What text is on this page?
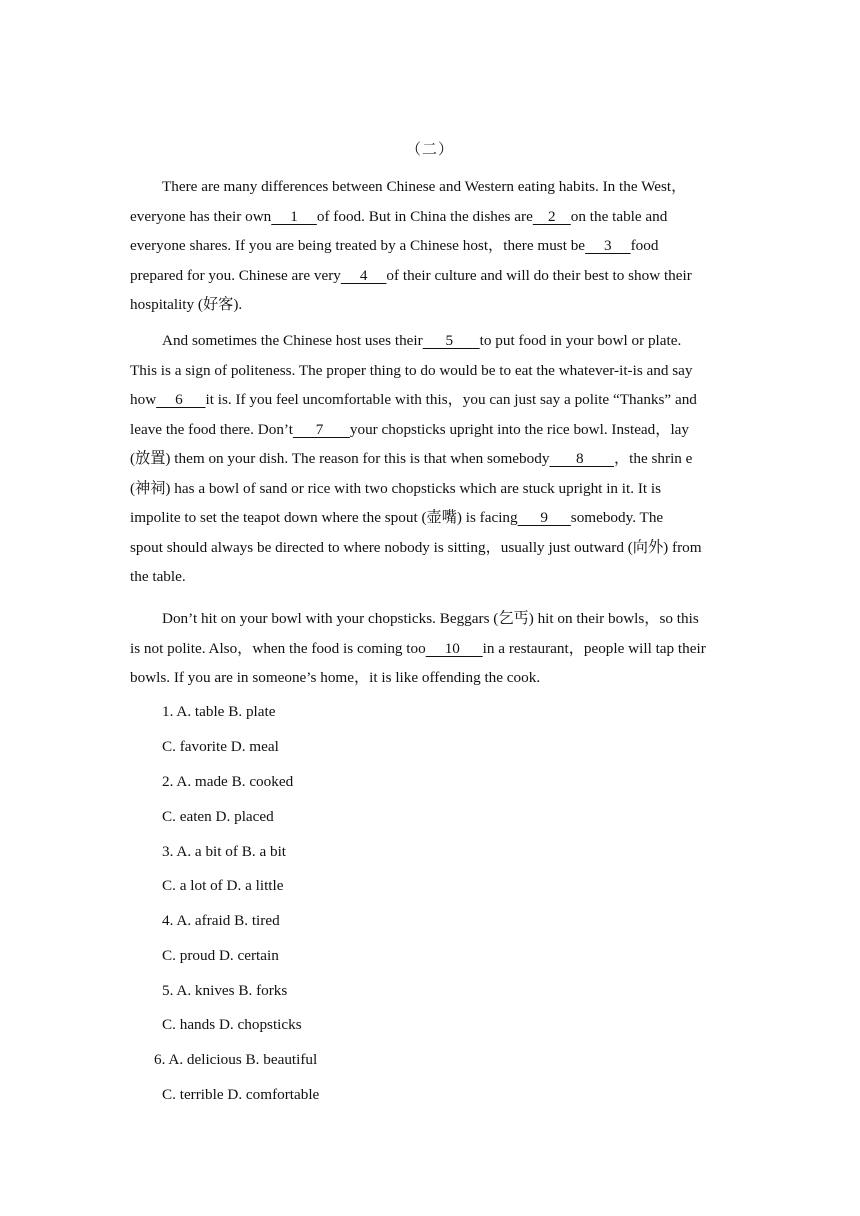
（二）

There are many differences between Chinese and Western eating habits. In the West，
everyone has their own     1     of food. But in China the dishes are    2    on the table and
everyone shares. If you are being treated by a Chinese host，there must be     3     food
prepared for you. Chinese are very     4     of their culture and will do their best to show their
hospitality (好客).

And sometimes the Chinese host uses their      5       to put food in your bowl or plate.
This is a sign of politeness. The proper thing to do would be to eat the whatever-it-is and say
how     6      it is. If you feel uncomfortable with this，you can just say a polite “Thanks” and
leave the food there. Don’t      7       your chopsticks upright into the rice bowl. Instead，lay
(放置) them on your dish. The reason for this is that when somebody       8        ，the shrin e
(神祠) has a bowl of sand or rice with two chopsticks which are stuck upright in it. It is
impolite to set the teapot down where the spout (壶嘴) is facing      9      somebody. The
spout should always be directed to where nobody is sitting，usually just outward (向外) from
the table.

Don’t hit on your bowl with your chopsticks. Beggars (乞丐) hit on their bowls，so this
is not polite. Also，when the food is coming too     10      in a restaurant，people will tap their
bowls. If you are in someone’s home，it is like offending the cook.

1. A. table B. plate
C. favorite D. meal
2. A. made B. cooked
C. eaten D. placed
3. A. a bit of B. a bit
C. a lot of D. a little
4. A. afraid B. tired
C. proud D. certain
5. A. knives B. forks
C. hands D. chopsticks
6. A. delicious B. beautiful
C. terrible D. comfortable
